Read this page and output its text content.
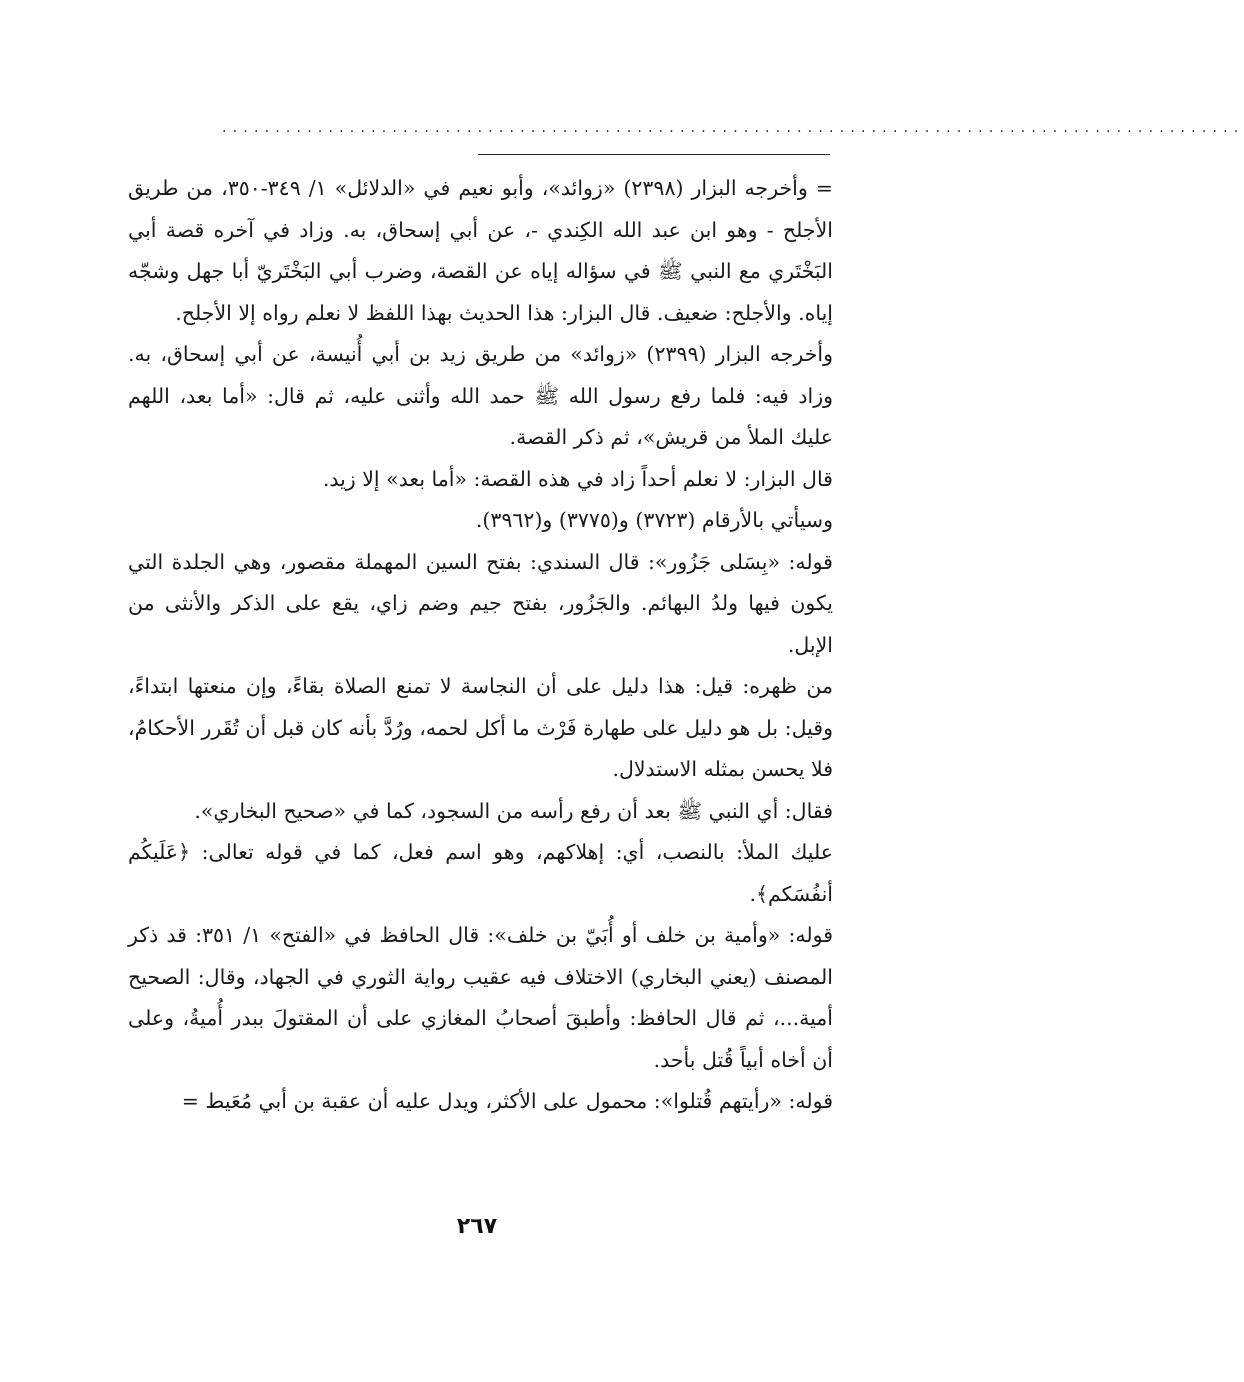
................................................................................................

= وأخرجه البزار (٢٣٩٨) «زوائد»، وأبو نعيم في «الدلائل» ١/ ٣٤٩-٣٥٠، من طريق الأجلح - وهو ابن عبد الله الكِندي -، عن أبي إسحاق، به. وزاد في آخره قصة أبي البَخْتَري مع النبي ﷺ في سؤاله إياه عن القصة، وضرب أبي البَخْتَريّ أبا جهل وشجّه إياه. والأجلح: ضعيف. قال البزار: هذا الحديث بهذا اللفظ لا نعلم رواه إلا الأجلح.

وأخرجه البزار (٢٣٩٩) «زوائد» من طريق زيد بن أبي أُنيسة، عن أبي إسحاق، به. وزاد فيه: فلما رفع رسول الله ﷺ حمد الله وأثنى عليه، ثم قال: «أما بعد، اللهم عليك الملأ من قريش»، ثم ذكر القصة.

قال البزار: لا نعلم أحداً زاد في هذه القصة: «أما بعد» إلا زيد.

وسيأتي بالأرقام (٣٧٢٣) و(٣٧٧٥) و(٣٩٦٢).

قوله: «بِسَلى جَزُور»: قال السندي: بفتح السين المهملة مقصور، وهي الجلدة التي يكون فيها ولدُ البهائم. والجَزُور، بفتح جيم وضم زاي، يقع على الذكر والأنثى من الإبل.

من ظهره: قيل: هذا دليل على أن النجاسة لا تمنع الصلاة بقاءً، وإن منعتها ابتداءً، وقيل: بل هو دليل على طهارة فَرْث ما أكل لحمه، ورُدَّ بأنه كان قبل أن تُقَرر الأحكامُ، فلا يحسن بمثله الاستدلال.

فقال: أي النبي ﷺ بعد أن رفع رأسه من السجود، كما في «صحيح البخاري».

عليك الملأ: بالنصب، أي: إهلاكهم، وهو اسم فعل، كما في قوله تعالى: ﴿عَلَيكُم أنفُسَكم﴾.

قوله: «وأمية بن خلف أو أُبَيّ بن خلف»: قال الحافظ في «الفتح» ١/ ٣٥١: قد ذكر المصنف (يعني البخاري) الاختلاف فيه عقيب رواية الثوري في الجهاد، وقال: الصحيح أمية...، ثم قال الحافظ: وأطبقَ أصحابُ المغازي على أن المقتولَ ببدر أُميةُ، وعلى أن أخاه أبياً قُتل بأحد.

قوله: «رأيتهم قُتلوا»: محمول على الأكثر، ويدل عليه أن عقبة بن أبي مُعَيط =

٢٦٧
